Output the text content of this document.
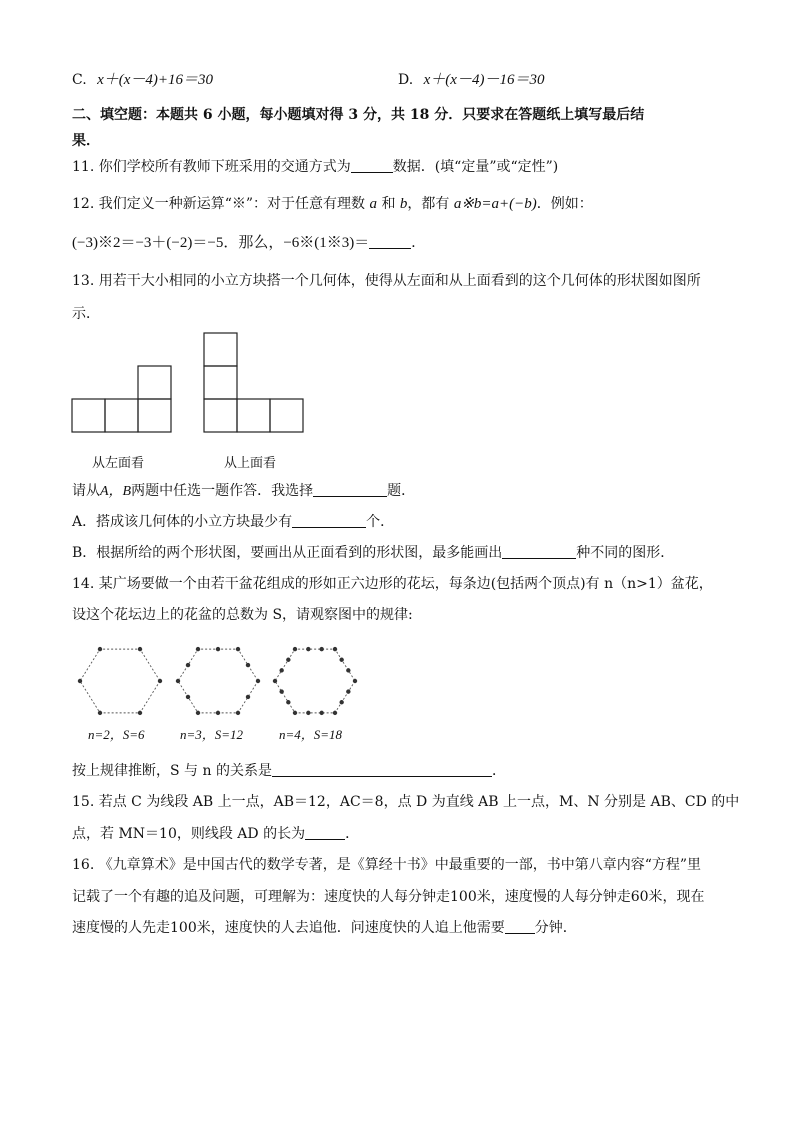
C. x＋(x－4)+16＝30	D. x＋(x－4)－16＝30
二、填空题：本题共 6 小题，每小题填对得 3 分，共 18 分．只要求在答题纸上填写最后结
果．
11. 你们学校所有教师下班采用的交通方式为	数据．(填“定量”或“定性”)
12. 我们定义一种新运算“※”：对于任意有理数 a 和 b，都有 a※b=a+(−b)．例如：
(−3)※2＝−3＋(−2)＝−5．那么，−6※(1※3)＝	．
13. 用若干大小相同的小立方块搭一个几何体，使得从左面和从上面看到的这个几何体的形状图如图所
示．
从左面看	从上面看
请从A，B两题中任选一题作答．我选择	题．
A．搭成该几何体的小立方块最少有	个．
B．根据所给的两个形状图，要画出从正面看到的形状图，最多能画出	种不同的图形．
14. 某广场要做一个由若干盆花组成的形如正六边形的花坛，每条边(包括两个顶点)有 n（n>1）盆花，
设这个花坛边上的花盆的总数为 S，请观察图中的规律:
n=2，S=6	n=3，S=12	n=4，S=18
按上规律推断，S 与 n 的关系是	．
15. 若点 C 为线段 AB 上一点，AB＝12，AC＝8，点 D 为直线 AB 上一点，M、N 分别是 AB、CD 的中
点，若 MN＝10，则线段 AD 的长为	．
16. 《九章算术》是中国古代的数学专著，是《算经十书》中最重要的一部，书中第八章内容“方程”里
记载了一个有趣的追及问题，可理解为：速度快的人每分钟走100米，速度慢的人每分钟走60米，现在
速度慢的人先走100米，速度快的人去追他．问速度快的人追上他需要 分钟．
